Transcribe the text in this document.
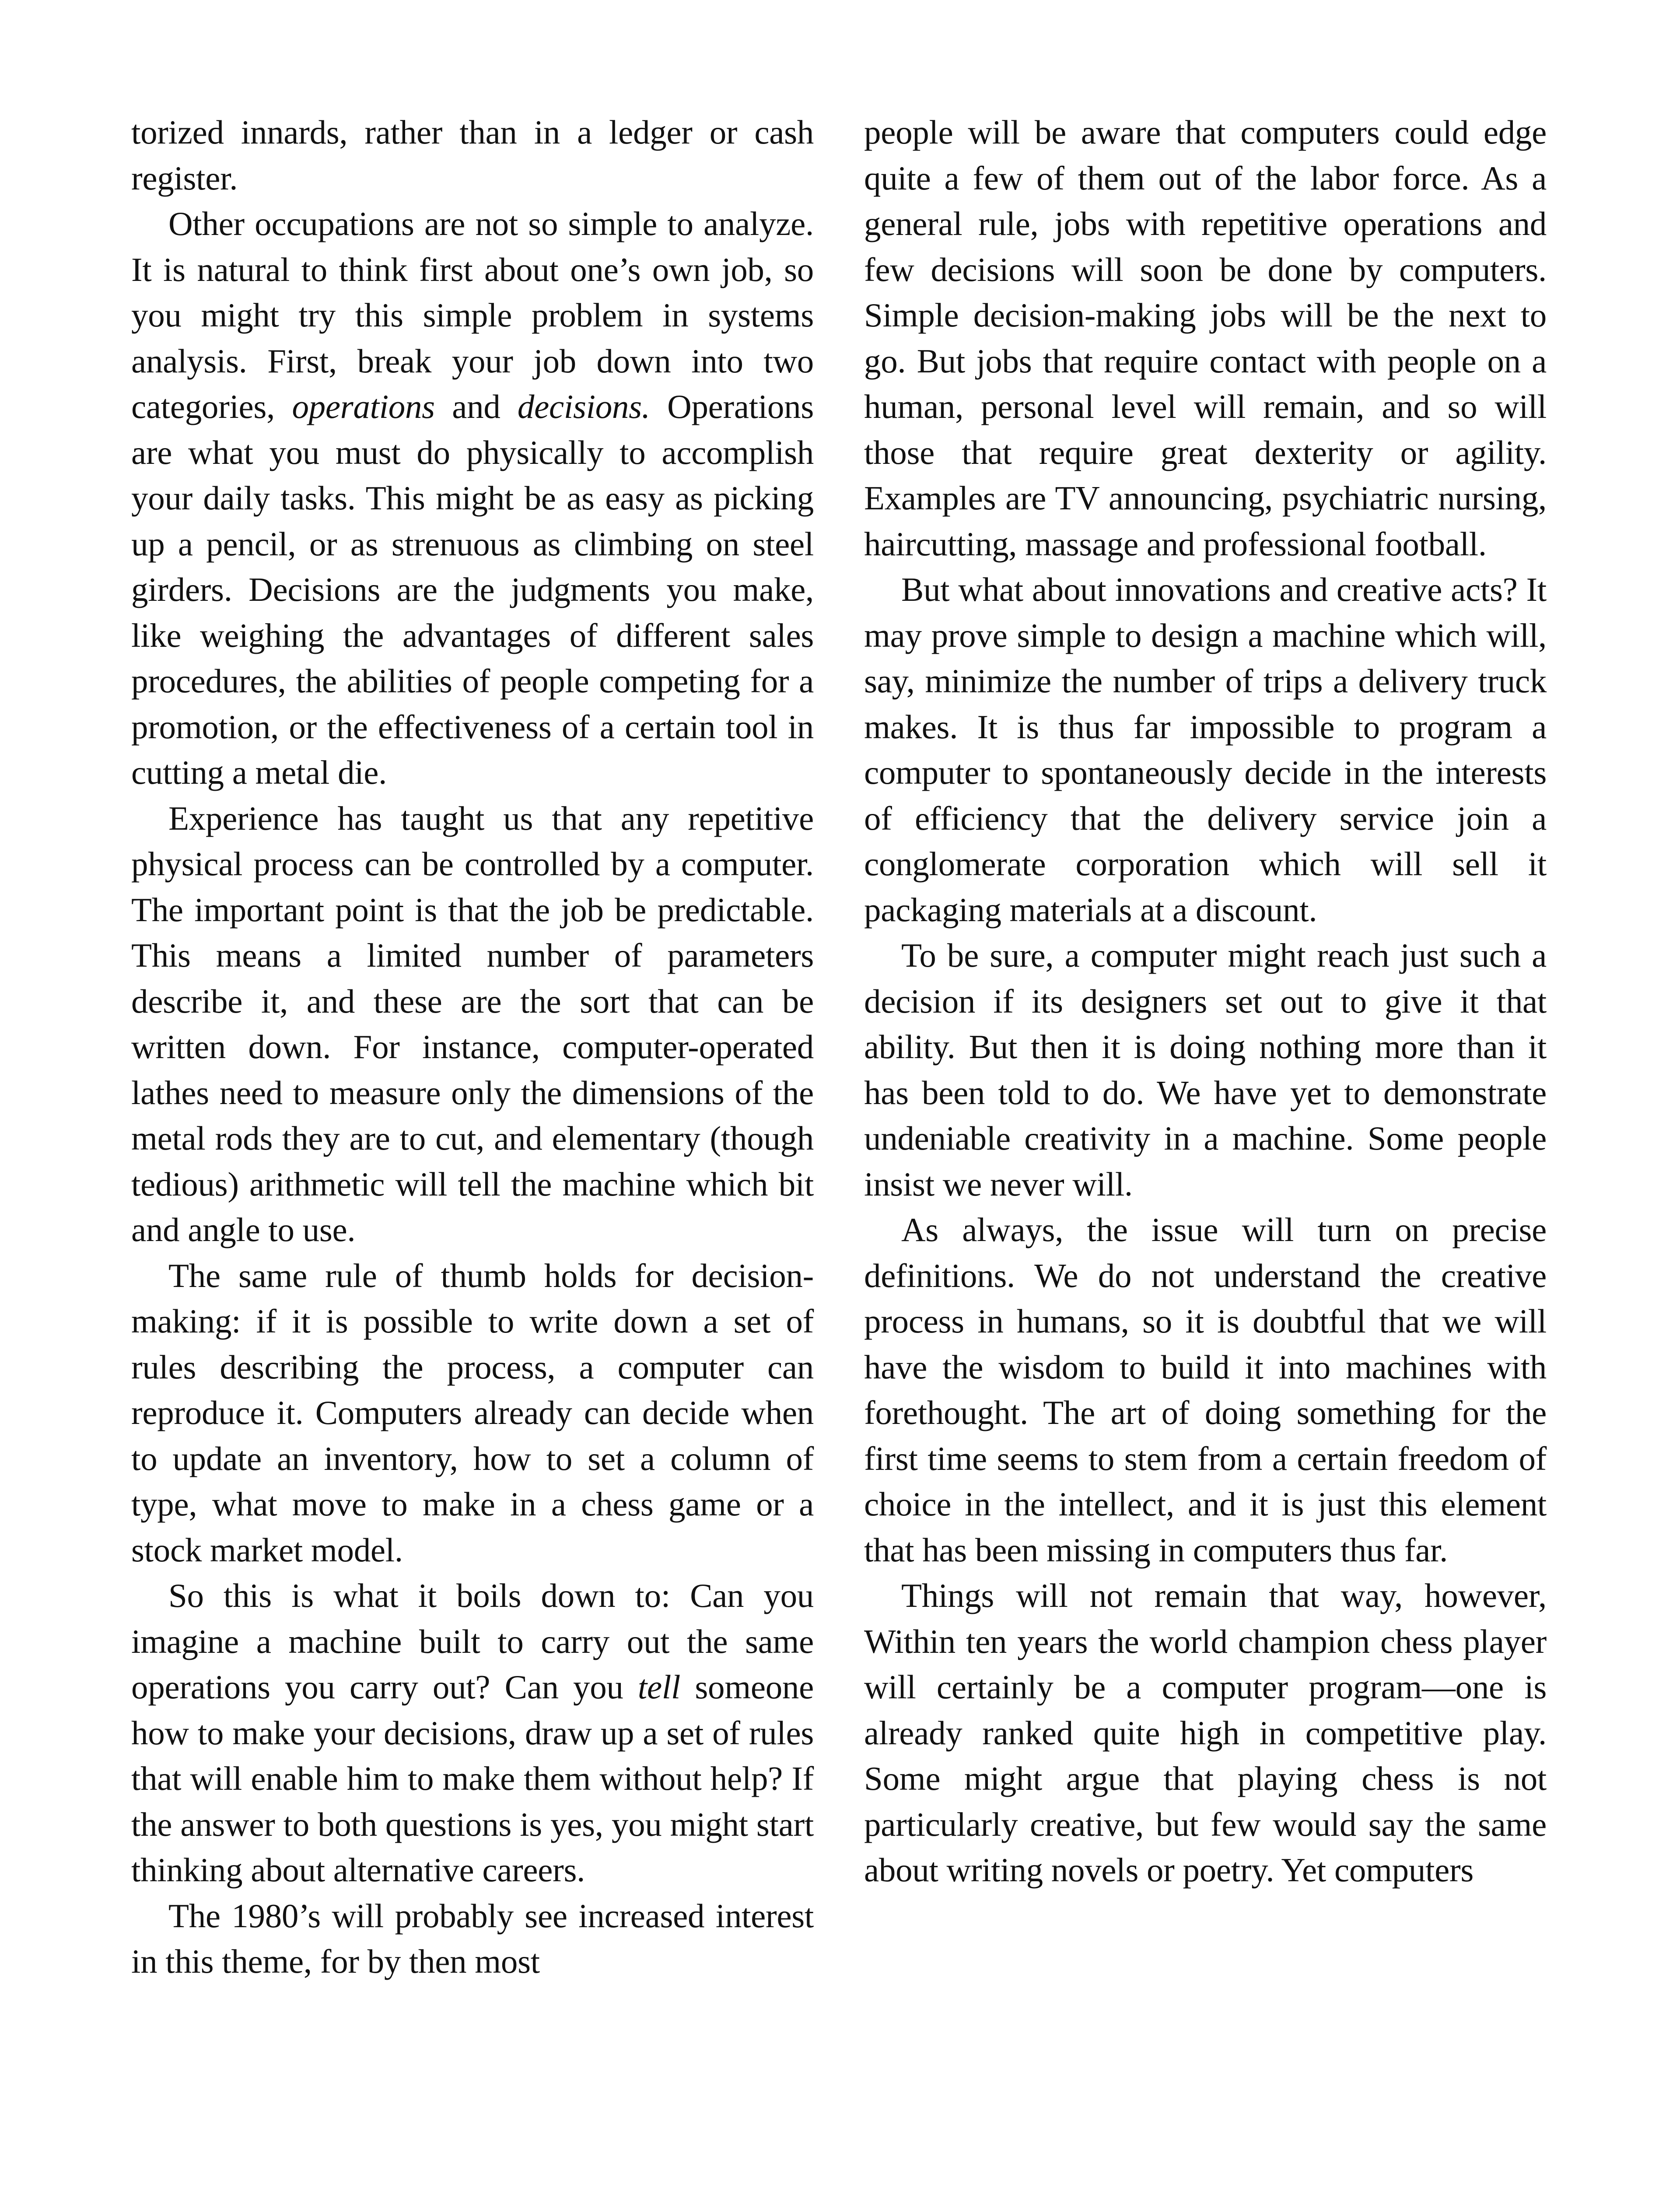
torized innards, rather than in a ledger or cash register.

Other occupations are not so simple to analyze. It is natural to think first about one’s own job, so you might try this simple problem in systems analysis. First, break your job down into two categories, operations and decisions. Operations are what you must do physically to accomplish your daily tasks. This might be as easy as picking up a pencil, or as strenuous as climbing on steel girders. Decisions are the judgments you make, like weighing the advantages of different sales procedures, the abilities of people competing for a promotion, or the effectiveness of a certain tool in cutting a metal die.

Experience has taught us that any repetitive physical process can be controlled by a computer. The important point is that the job be predictable. This means a limited number of parameters describe it, and these are the sort that can be written down. For instance, computer-operated lathes need to measure only the dimensions of the metal rods they are to cut, and elementary (though tedious) arithmetic will tell the machine which bit and angle to use.

The same rule of thumb holds for decision-making: if it is possible to write down a set of rules describing the process, a computer can reproduce it. Computers already can decide when to update an inventory, how to set a column of type, what move to make in a chess game or a stock market model.

So this is what it boils down to: Can you imagine a machine built to carry out the same operations you carry out? Can you tell someone how to make your decisions, draw up a set of rules that will enable him to make them without help? If the answer to both questions is yes, you might start thinking about alternative careers.

The 1980’s will probably see increased interest in this theme, for by then most

people will be aware that computers could edge quite a few of them out of the labor force. As a general rule, jobs with repetitive operations and few decisions will soon be done by computers. Simple decision-making jobs will be the next to go. But jobs that require contact with people on a human, personal level will remain, and so will those that require great dexterity or agility. Examples are TV announcing, psychiatric nursing, haircutting, massage and professional football.

But what about innovations and creative acts? It may prove simple to design a machine which will, say, minimize the number of trips a delivery truck makes. It is thus far impossible to program a computer to spontaneously decide in the interests of efficiency that the delivery service join a conglomerate corporation which will sell it packaging materials at a discount.

To be sure, a computer might reach just such a decision if its designers set out to give it that ability. But then it is doing nothing more than it has been told to do. We have yet to demonstrate undeniable creativity in a machine. Some people insist we never will.

As always, the issue will turn on precise definitions. We do not understand the creative process in humans, so it is doubtful that we will have the wisdom to build it into machines with forethought. The art of doing something for the first time seems to stem from a certain freedom of choice in the intellect, and it is just this element that has been missing in computers thus far.

Things will not remain that way, however, Within ten years the world champion chess player will certainly be a computer program—one is already ranked quite high in competitive play. Some might argue that playing chess is not particularly creative, but few would say the same about writing novels or poetry. Yet computers
